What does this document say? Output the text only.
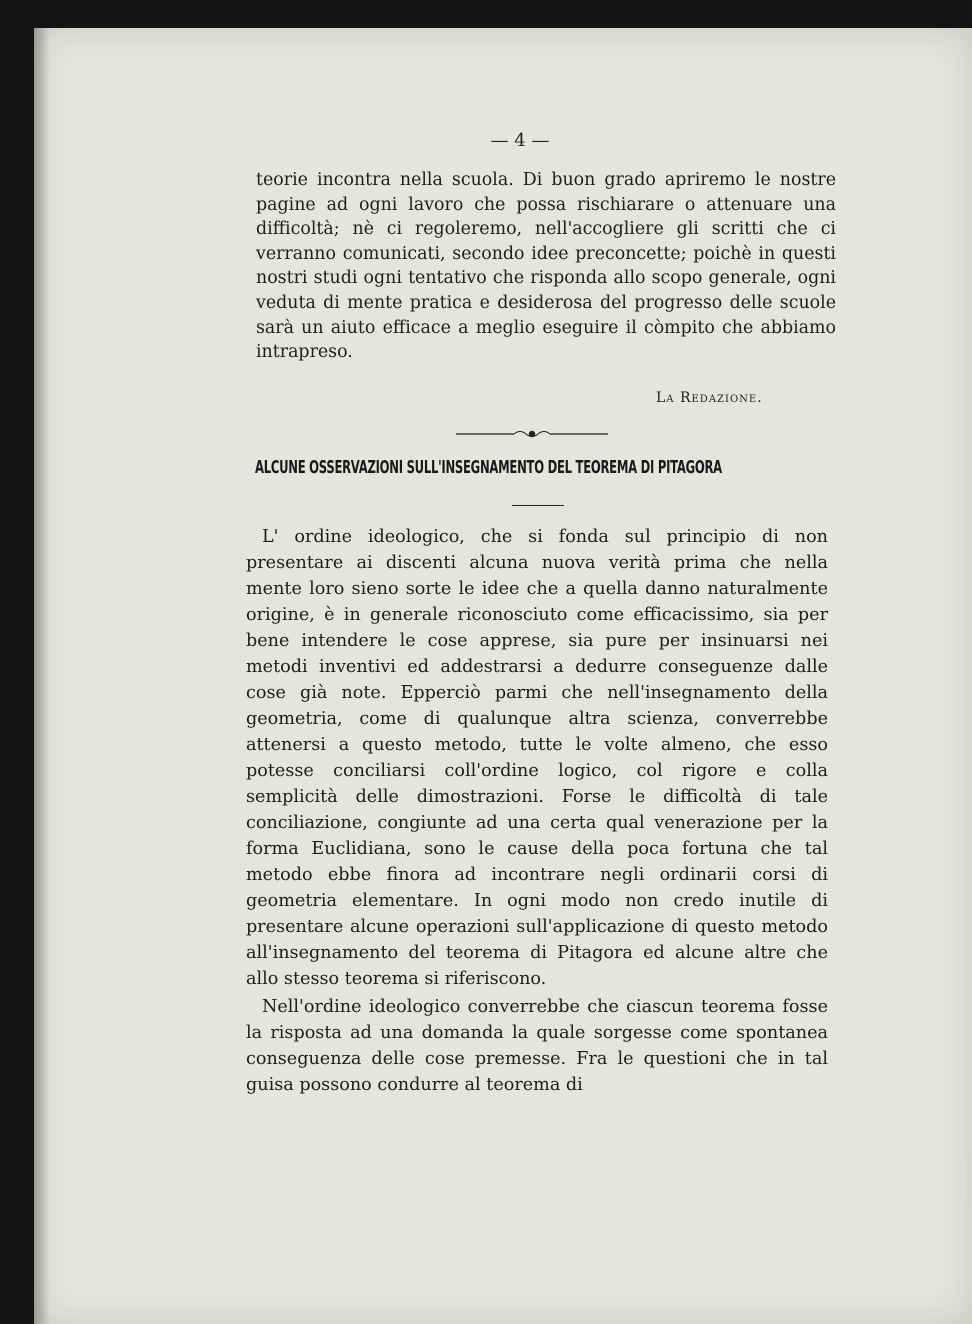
— 4 —

teorie incontra nella scuola. Di buon grado apriremo le nostre pagine ad ogni lavoro che possa rischiarare o attenuare una difficoltà; nè ci regoleremo, nell'accogliere gli scritti che ci verranno comunicati, secondo idee preconcette; poichè in questi nostri studi ogni tentativo che risponda allo scopo generale, ogni veduta di mente pratica e desiderosa del progresso delle scuole sarà un aiuto efficace a meglio eseguire il còmpito che abbiamo intrapreso.

La Redazione.
ALCUNE OSSERVAZIONI SULL'INSEGNAMENTO DEL TEOREMA DI PITAGORA

L' ordine ideologico, che si fonda sul principio di non presentare ai discenti alcuna nuova verità prima che nella mente loro sieno sorte le idee che a quella danno naturalmente origine, è in generale riconosciuto come efficacissimo, sia per bene intendere le cose apprese, sia pure per insinuarsi nei metodi inventivi ed addestrarsi a dedurre conseguenze dalle cose già note. Epperciò parmi che nell'insegnamento della geometria, come di qualunque altra scienza, converrebbe attenersi a questo metodo, tutte le volte almeno, che esso potesse conciliarsi coll'ordine logico, col rigore e colla semplicità delle dimostrazioni. Forse le difficoltà di tale conciliazione, congiunte ad una certa qual venerazione per la forma Euclidiana, sono le cause della poca fortuna che tal metodo ebbe finora ad incontrare negli ordinarii corsi di geometria elementare. In ogni modo non credo inutile di presentare alcune operazioni sull'applicazione di questo metodo all'insegnamento del teorema di Pitagora ed alcune altre che allo stesso teorema si riferiscono.

Nell'ordine ideologico converrebbe che ciascun teorema fosse la risposta ad una domanda la quale sorgesse come spontanea conseguenza delle cose premesse. Fra le questioni che in tal guisa possono condurre al teorema di
